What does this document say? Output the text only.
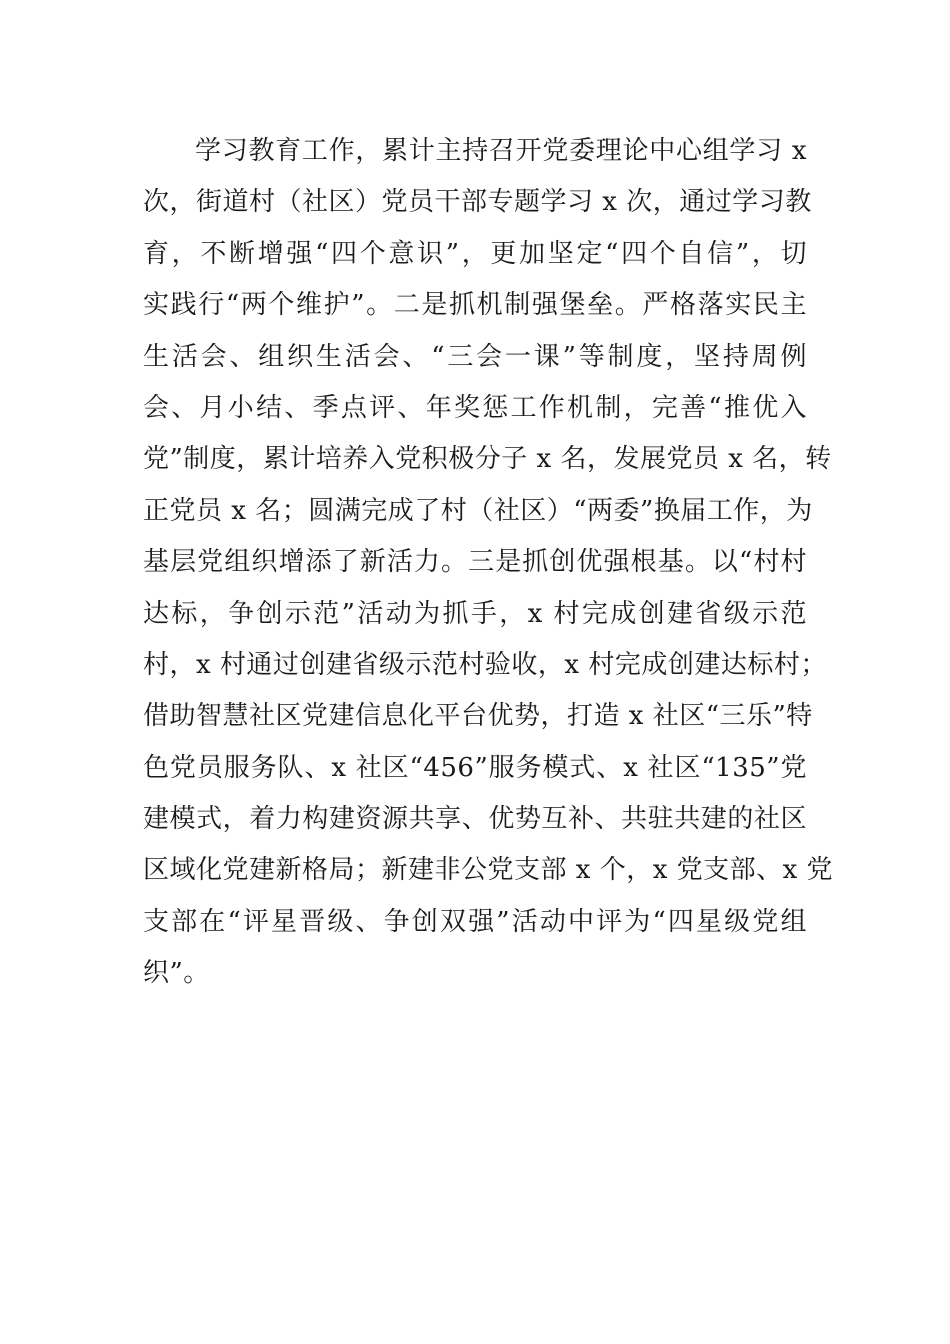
学习教育工作，累计主持召开党委理论中心组学习 x
次，街道村（社区）党员干部专题学习 x 次，通过学习教
育，不断增强“四个意识”，更加坚定“四个自信”，切
实践行“两个维护”。二是抓机制强堡垒。严格落实民主
生活会、组织生活会、“三会一课”等制度，坚持周例
会、月小结、季点评、年奖惩工作机制，完善“推优入
党”制度，累计培养入党积极分子 x 名，发展党员 x 名，转
正党员 x 名；圆满完成了村（社区）“两委”换届工作，为
基层党组织增添了新活力。三是抓创优强根基。以“村村
达标，争创示范”活动为抓手，x 村完成创建省级示范
村，x 村通过创建省级示范村验收，x 村完成创建达标村；
借助智慧社区党建信息化平台优势，打造 x 社区“三乐”特
色党员服务队、x 社区“456”服务模式、x 社区“135”党
建模式，着力构建资源共享、优势互补、共驻共建的社区
区域化党建新格局；新建非公党支部 x 个，x 党支部、x 党
支部在“评星晋级、争创双强”活动中评为“四星级党组
织”。
